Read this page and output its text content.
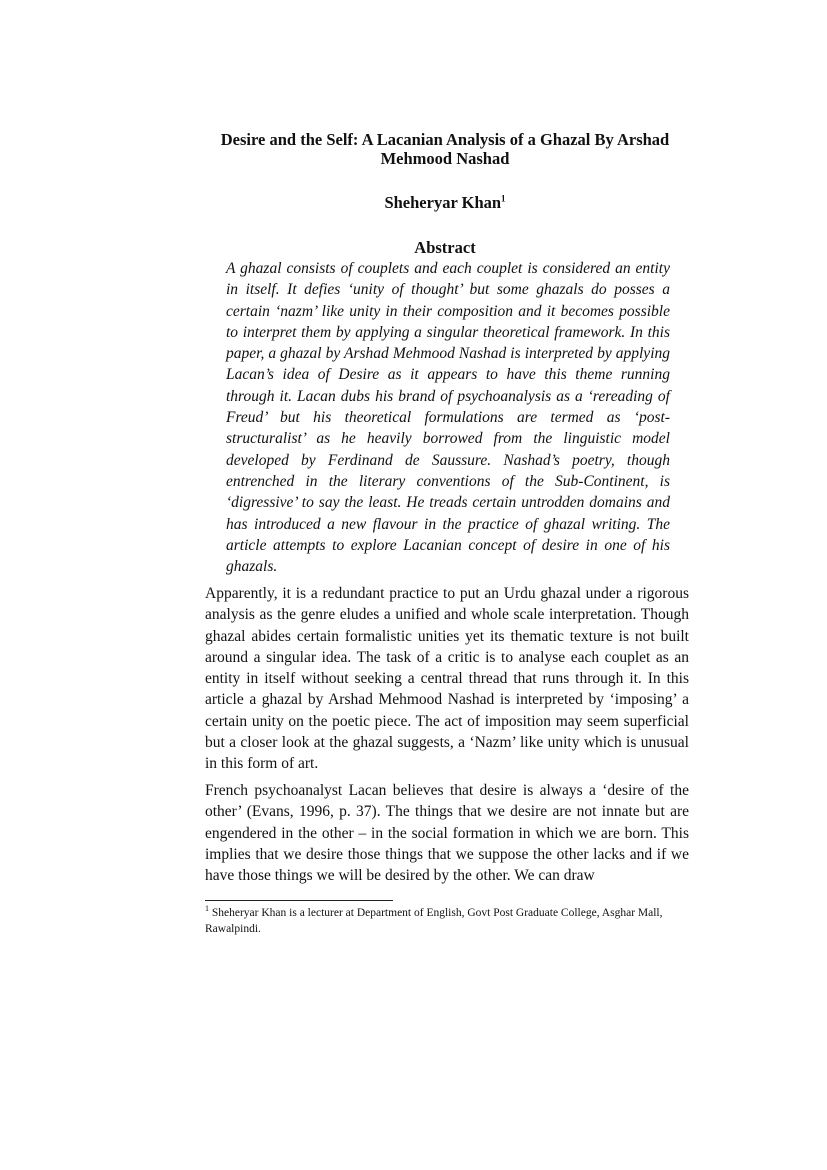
Desire and the Self: A Lacanian Analysis of a Ghazal By Arshad Mehmood Nashad
Sheheryar Khan$^1$
Abstract
A ghazal consists of couplets and each couplet is considered an entity in itself. It defies ‘unity of thought’ but some ghazals do posses a certain ‘nazm’ like unity in their composition and it becomes possible to interpret them by applying a singular theoretical framework. In this paper, a ghazal by Arshad Mehmood Nashad is interpreted by applying Lacan’s idea of Desire as it appears to have this theme running through it. Lacan dubs his brand of psychoanalysis as a ‘rereading of Freud’ but his theoretical formulations are termed as ‘post-structuralist’ as he heavily borrowed from the linguistic model developed by Ferdinand de Saussure. Nashad’s poetry, though entrenched in the literary conventions of the Sub-Continent, is ‘digressive’ to say the least. He treads certain untrodden domains and has introduced a new flavour in the practice of ghazal writing. The article attempts to explore Lacanian concept of desire in one of his ghazals.

Apparently, it is a redundant practice to put an Urdu ghazal under a rigorous analysis as the genre eludes a unified and whole scale interpretation. Though ghazal abides certain formalistic unities yet its thematic texture is not built around a singular idea. The task of a critic is to analyse each couplet as an entity in itself without seeking a central thread that runs through it. In this article a ghazal by Arshad Mehmood Nashad is interpreted by ‘imposing’ a certain unity on the poetic piece. The act of imposition may seem superficial but a closer look at the ghazal suggests, a ‘Nazm’ like unity which is unusual in this form of art.

French psychoanalyst Lacan believes that desire is always a ‘desire of the other’ (Evans, 1996, p. 37). The things that we desire are not innate but are engendered in the other – in the social formation in which we are born. This implies that we desire those things that we suppose the other lacks and if we have those things we will be desired by the other. We can draw

$^1$ Sheheryar Khan is a lecturer at Department of English, Govt Post Graduate College, Asghar Mall, Rawalpindi.
